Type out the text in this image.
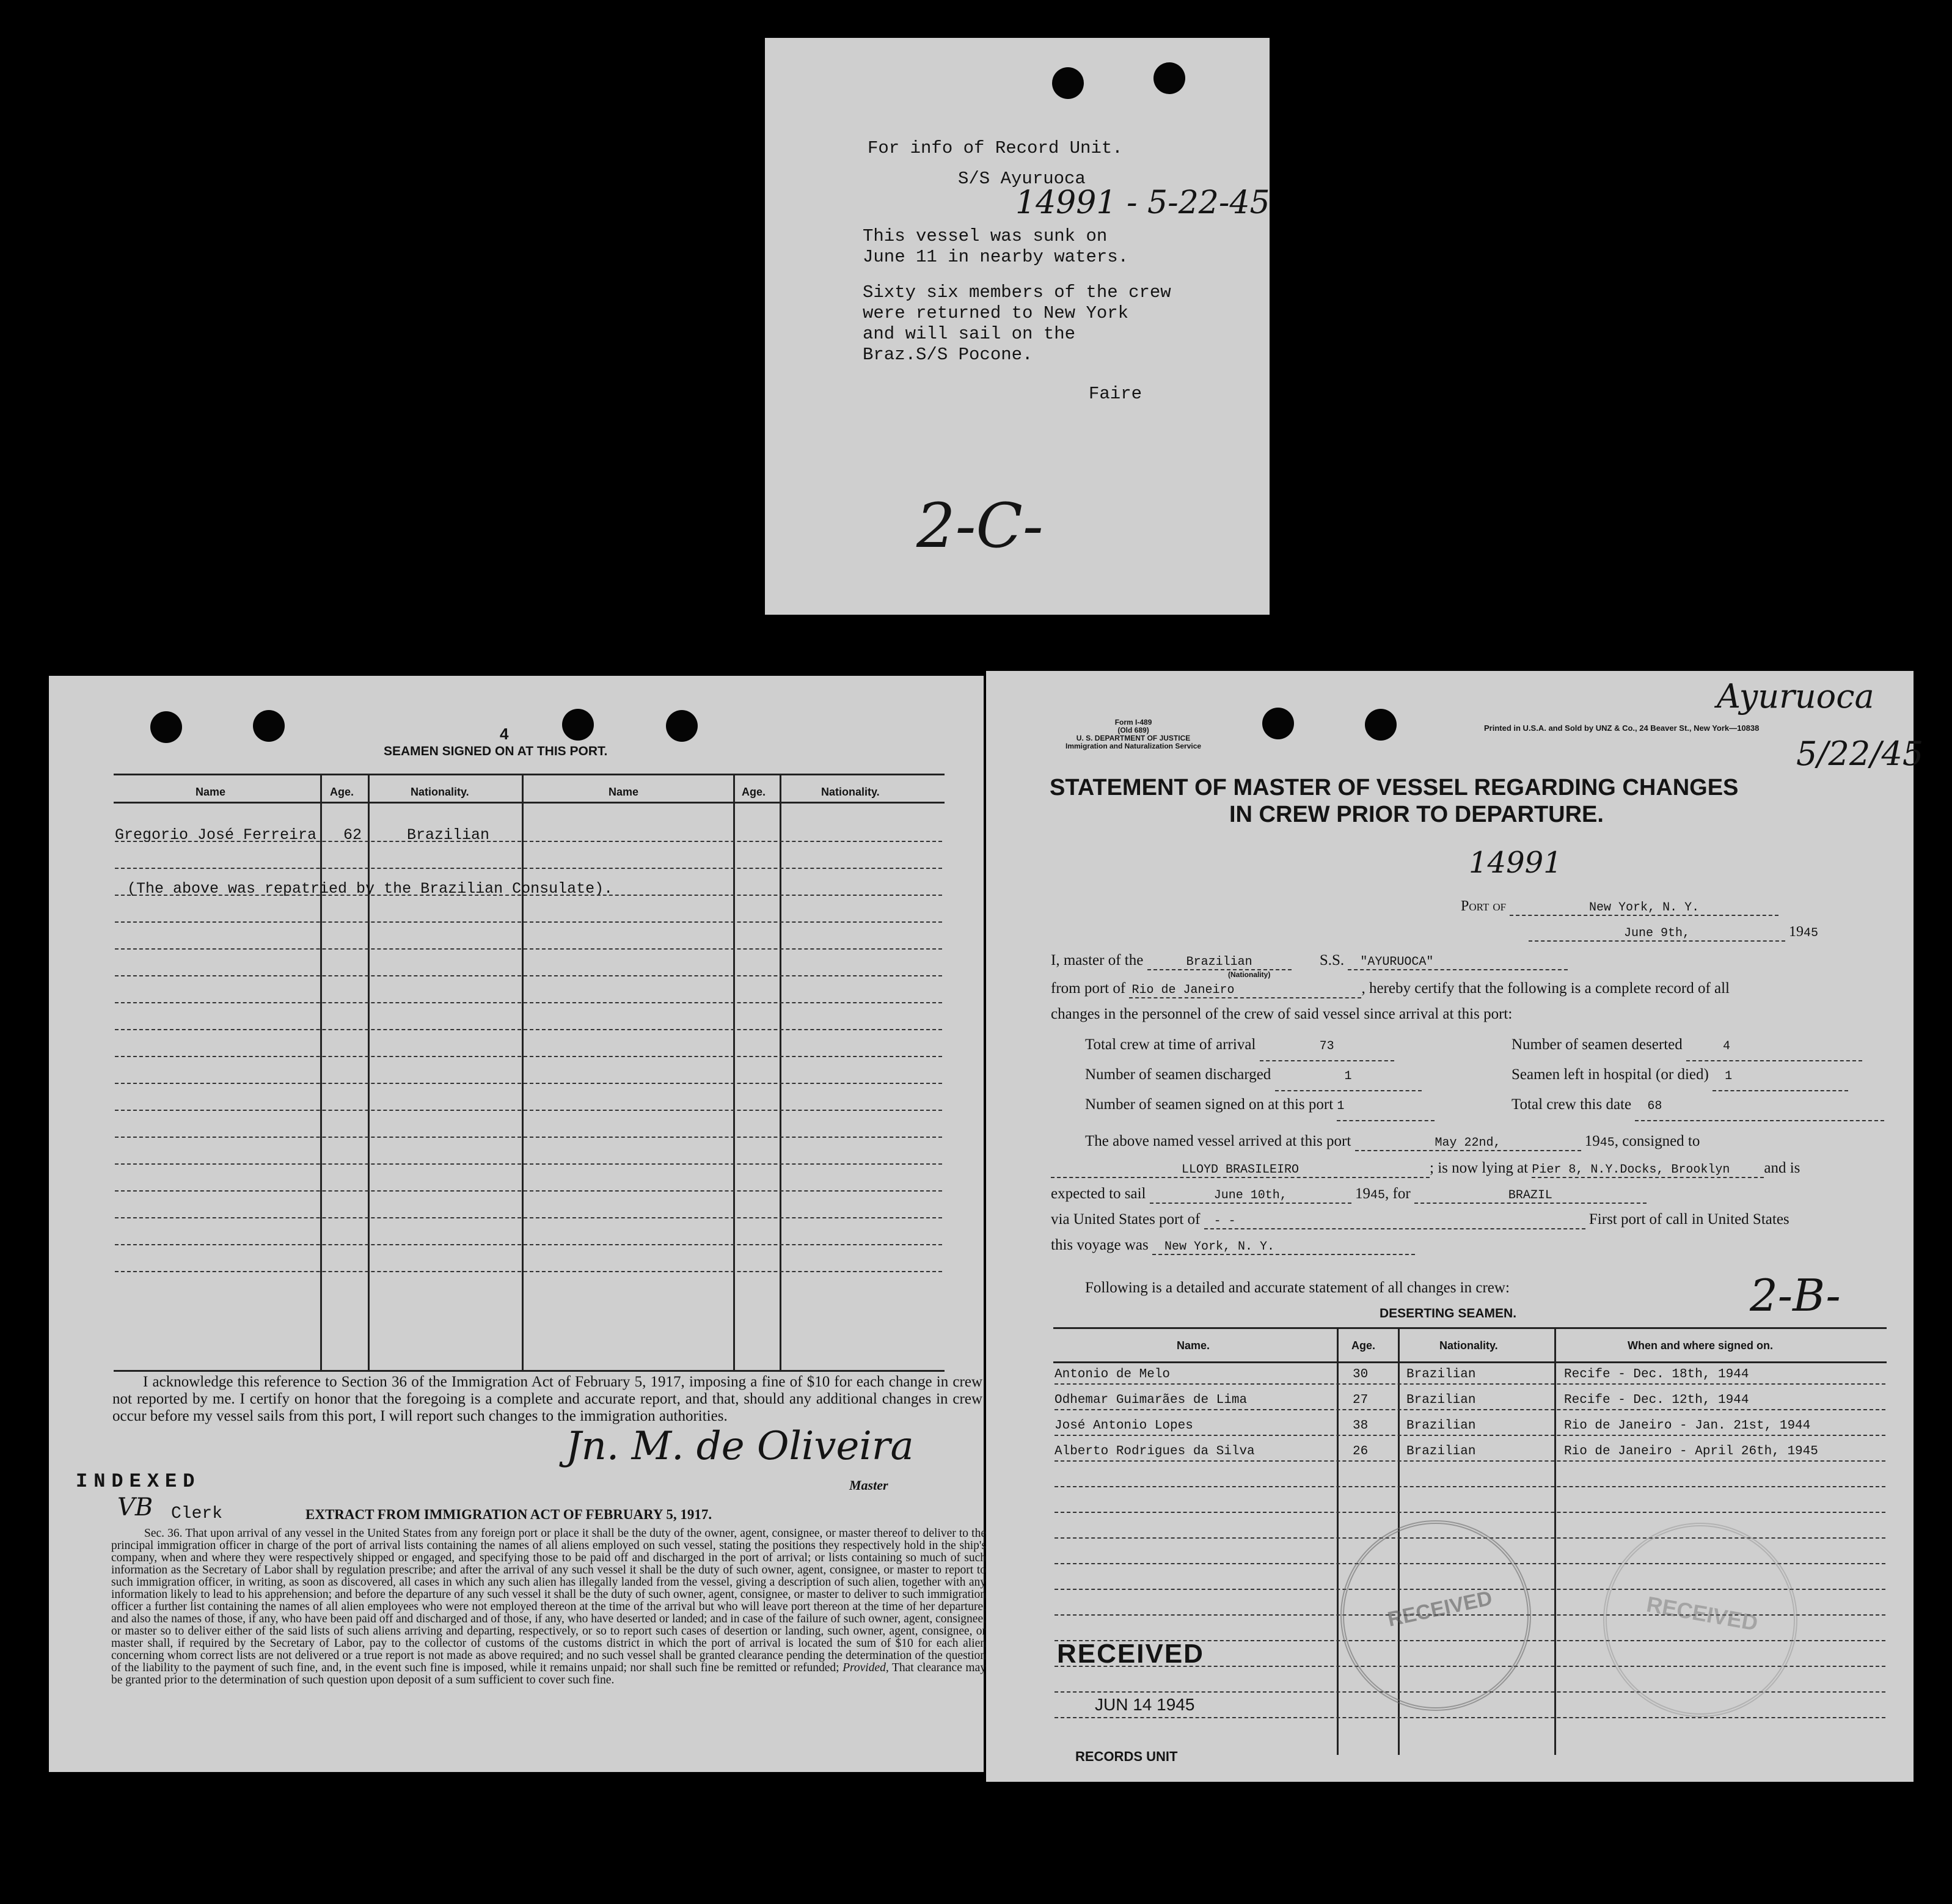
For info of Record Unit.
S/S Ayuruoca
14991 - 5-22-45
This vessel was sunk on
June 11 in nearby waters.
Sixty six members of the crew
were returned to New York
and will sail on the
Braz.S/S Pocone.
Faire
2-C-
4
SEAMEN SIGNED ON AT THIS PORT.
Name	Age.	Nationality.	Name	Age.	Nationality.
Gregorio José Ferreira 62	Brazilian
(The above was repatried by the Brazilian Consulate).
I acknowledge this reference to Section 36 of the Immigration Act of February 5, 1917, imposing a fine of $10 for each change in crew not reported by me. I certify on honor that the foregoing is a complete and accurate report, and that, should any additional changes in crew occur before my vessel sails from this port, I will report such changes to the immigration authorities.
Jn. M. de Oliveira
Master
INDEXED
VB Clerk	EXTRACT FROM IMMIGRATION ACT OF FEBRUARY 5, 1917.
Sec. 36. That upon arrival of any vessel in the United States from any foreign port or place it shall be the duty of the owner, agent, consignee, or master thereof to deliver to the principal immigration officer in charge of the port of arrival lists containing the names of all aliens employed on such vessel, stating the positions they respectively hold in the ship's company, when and where they were respectively shipped or engaged, and specifying those to be paid off and discharged in the port of arrival; or lists containing so much of such information as the Secretary of Labor shall by regulation prescribe; and after the arrival of any such vessel it shall be the duty of such owner, agent, consignee, or master to report to such immigration officer, in writing, as soon as discovered, all cases in which any such alien has illegally landed from the vessel, giving a description of such alien, together with any information likely to lead to his apprehension; and before the departure of any such vessel it shall be the duty of such owner, agent, consignee, or master to deliver to such immigration officer a further list containing the names of all alien employees who were not employed thereon at the time of the arrival but who will leave port thereon at the time of her departure, and also the names of those, if any, who have been paid off and discharged and of those, if any, who have deserted or landed; and in case of the failure of such owner, agent, consignee, or master so to deliver either of the said lists of such aliens arriving and departing, respectively, or so to report such cases of desertion or landing, such owner, agent, consignee, or master shall, if required by the Secretary of Labor, pay to the collector of customs of the customs district in which the port of arrival is located the sum of $10 for each alien concerning whom correct lists are not delivered or a true report is not made as above required; and no such vessel shall be granted clearance pending the determination of the question of the liability to the payment of such fine, and, in the event such fine is imposed, while it remains unpaid; nor shall such fine be remitted or refunded; Provided, That clearance may be granted prior to the determination of such question upon deposit of a sum sufficient to cover such fine.
Ayuruoca
5/22/45
Form I-489
(Old 689)
U. S. DEPARTMENT OF JUSTICE
Immigration and Naturalization Service
Printed in U.S.A. and Sold by UNZ & Co., 24 Beaver St., New York—10838
STATEMENT OF MASTER OF VESSEL REGARDING CHANGES
IN CREW PRIOR TO DEPARTURE.
14991
Port of	New York, N. Y.
June 9th,	1945
I, master of the	Brazilian	S.S. "AYURUOCA"
(Nationality)
from port of Rio de Janeiro	, hereby certify that the following is a complete record of all
changes in the personnel of the crew of said vessel since arrival at this port:
Total crew at time of arrival	73
Number of seamen discharged	1
Number of seamen signed on at this port 1
Number of seamen deserted	4
Seamen left in hospital (or died) 1
Total crew this date 68
The above named vessel arrived at this port	May 22nd,	1945, consigned to
LLOYD BRASILEIRO	; is now lying at Pier 8, N.Y.Docks, Brooklyn and is
expected to sail	June 10th,	1945, for	BRAZIL
via United States port of - -	First port of call in United States
this voyage was New York, N. Y.
Following is a detailed and accurate statement of all changes in crew:	2-B-
DESERTING SEAMEN.
Name.	Age.	Nationality.	When and where signed on.
Antonio de Melo	30	Brazilian	Recife - Dec. 18th, 1944
Odhemar Guimarães de Lima	27	Brazilian	Recife - Dec. 12th, 1944
José Antonio Lopes	38	Brazilian	Rio de Janeiro - Jan. 21st, 1944
Alberto Rodrigues da Silva	26	Brazilian	Rio de Janeiro - April 26th, 1945
RECEIVED	RECEIVED
RECEIVED
JUN 14 1945
RECORDS UNIT
